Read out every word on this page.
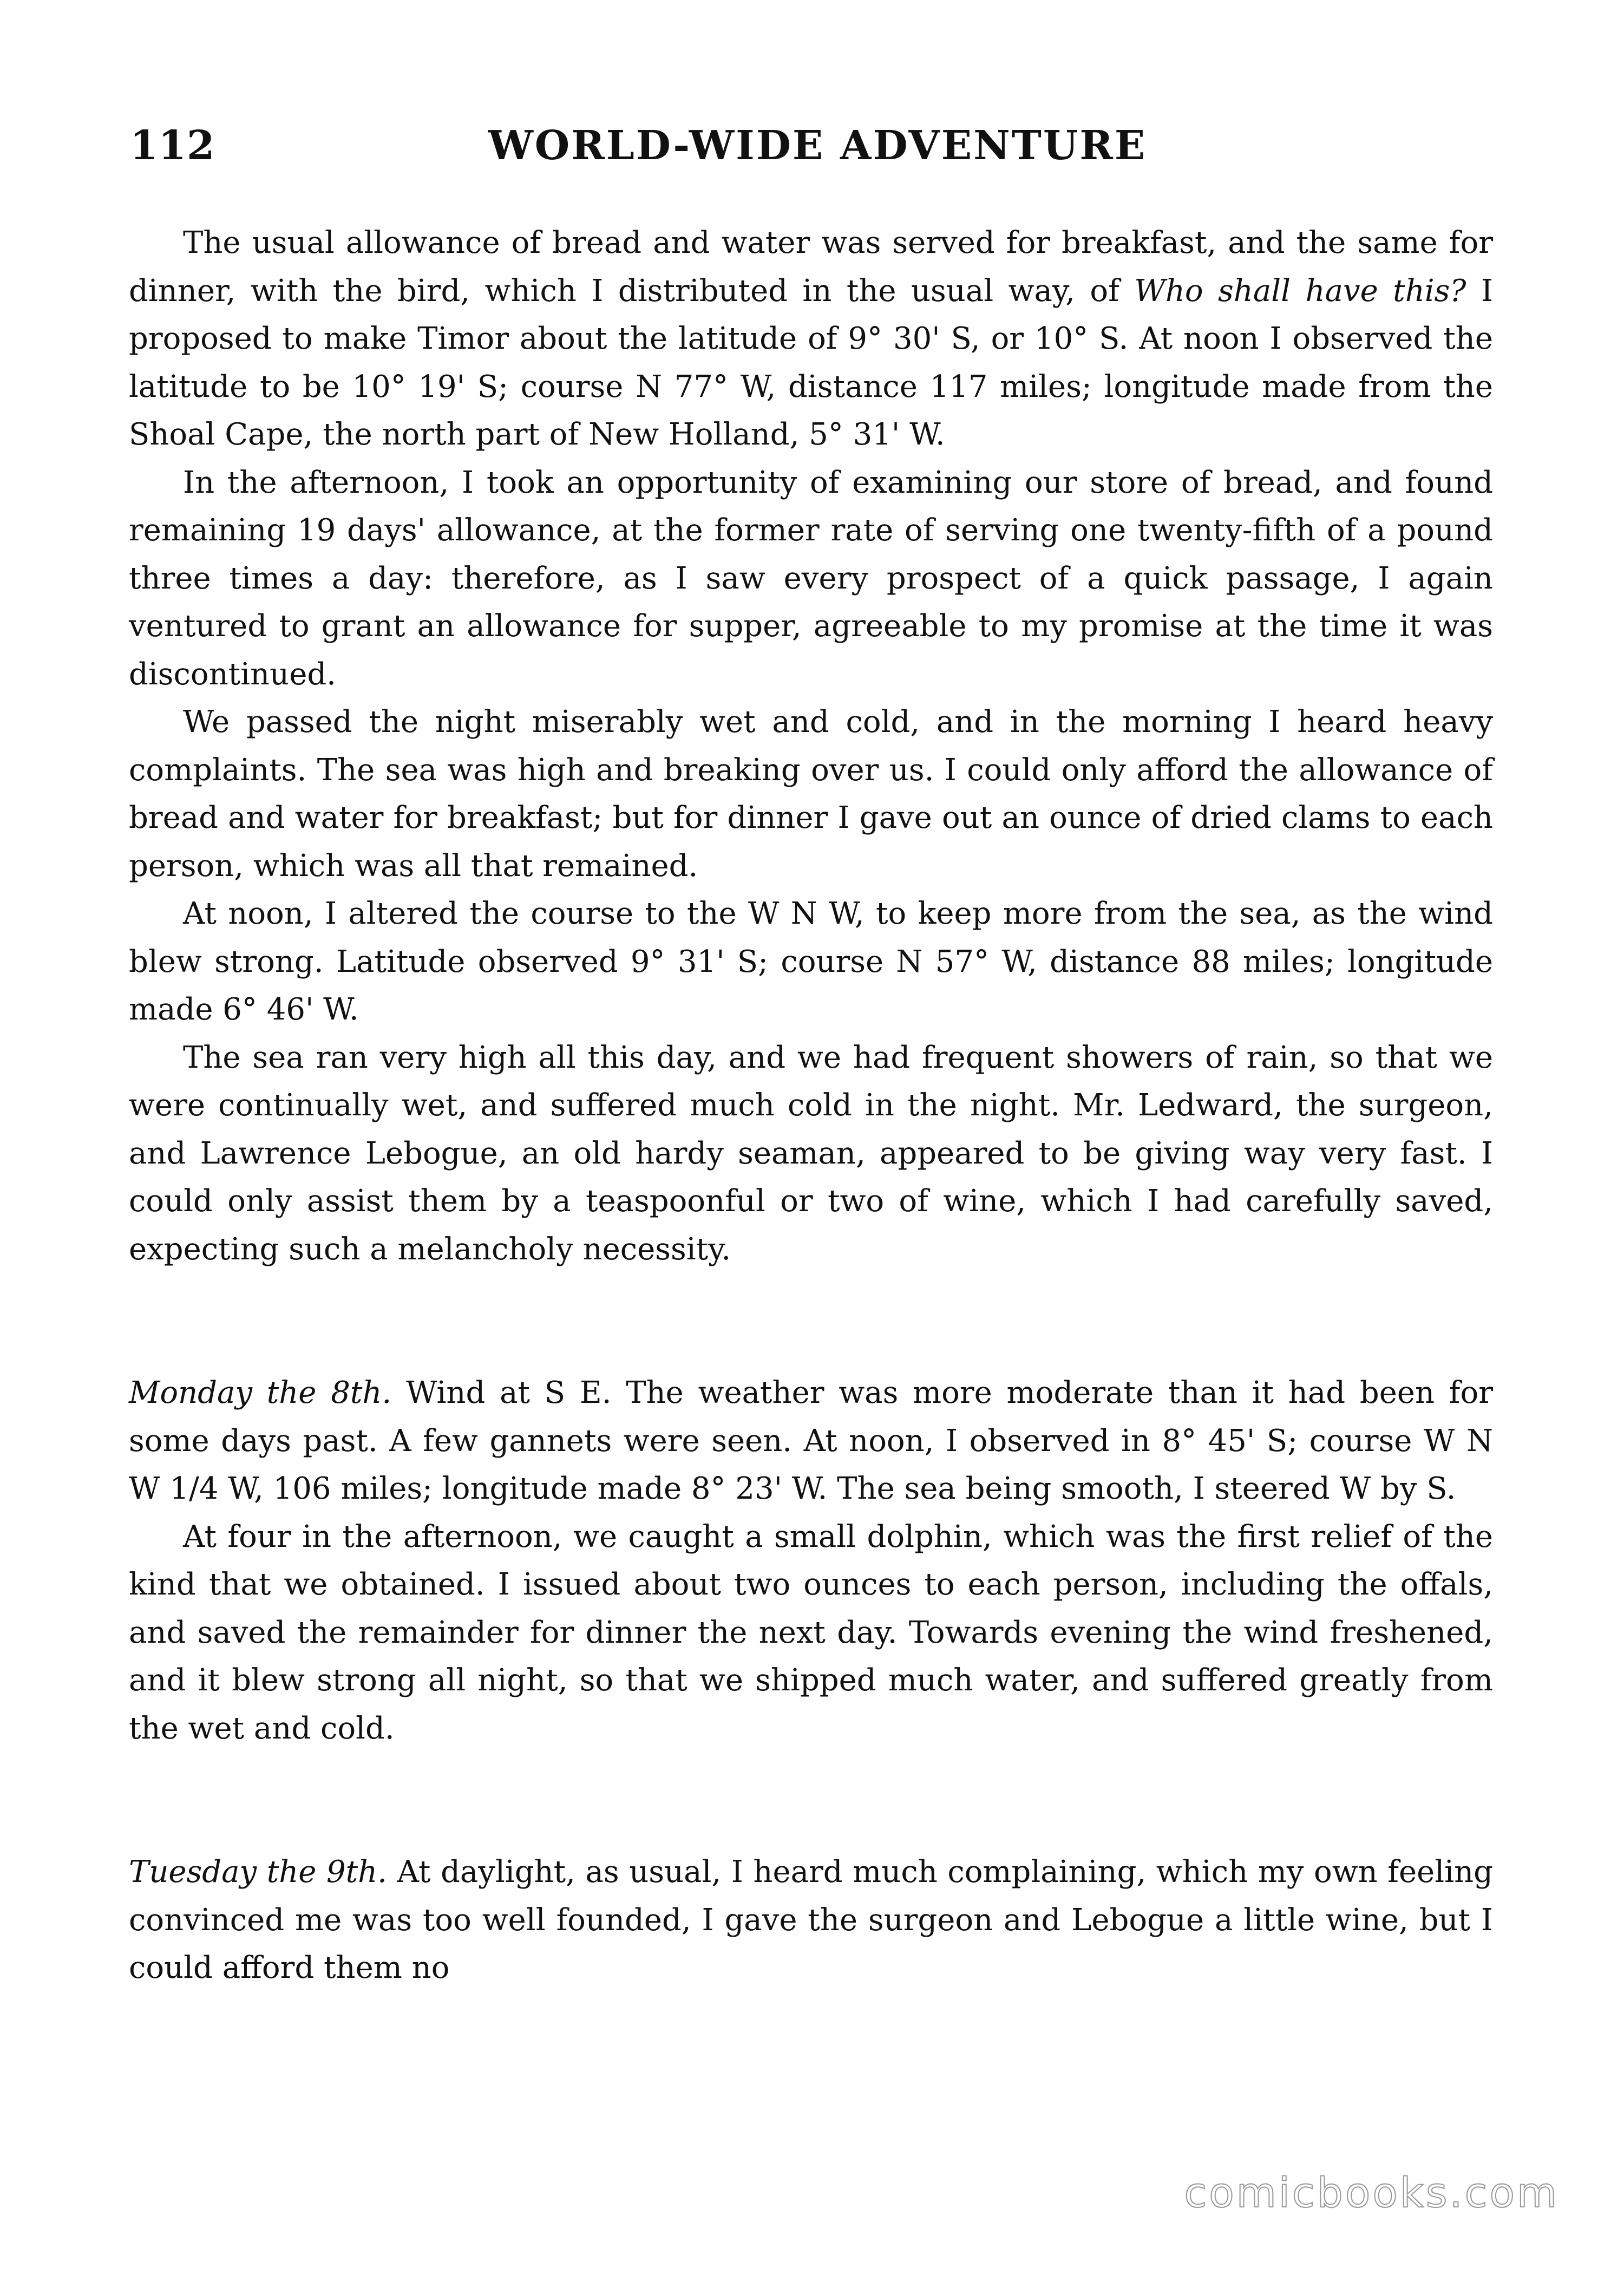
112	WORLD-WIDE ADVENTURE

The usual allowance of bread and water was served for breakfast, and the same for dinner, with the bird, which I distributed in the usual way, of Who shall have this? I proposed to make Timor about the latitude of 9° 30' S, or 10° S. At noon I observed the latitude to be 10° 19' S; course N 77° W, distance 117 miles; longitude made from the Shoal Cape, the north part of New Holland, 5° 31' W.

In the afternoon, I took an opportunity of examining our store of bread, and found remaining 19 days' allowance, at the former rate of serving one twenty-fifth of a pound three times a day: therefore, as I saw every prospect of a quick passage, I again ventured to grant an allowance for supper, agreeable to my promise at the time it was discontinued.

We passed the night miserably wet and cold, and in the morning I heard heavy complaints. The sea was high and breaking over us. I could only afford the allowance of bread and water for breakfast; but for dinner I gave out an ounce of dried clams to each person, which was all that remained.

At noon, I altered the course to the W N W, to keep more from the sea, as the wind blew strong. Latitude observed 9° 31' S; course N 57° W, distance 88 miles; longitude made 6° 46' W.

The sea ran very high all this day, and we had frequent showers of rain, so that we were continually wet, and suffered much cold in the night. Mr. Ledward, the surgeon, and Lawrence Lebogue, an old hardy seaman, appeared to be giving way very fast. I could only assist them by a teaspoonful or two of wine, which I had carefully saved, expecting such a melancholy necessity.

Monday the 8th. Wind at S E. The weather was more moderate than it had been for some days past. A few gannets were seen. At noon, I observed in 8° 45' S; course W N W 1/4 W, 106 miles; longitude made 8° 23' W. The sea being smooth, I steered W by S.

At four in the afternoon, we caught a small dolphin, which was the first relief of the kind that we obtained. I issued about two ounces to each person, including the offals, and saved the remainder for dinner the next day. Towards evening the wind freshened, and it blew strong all night, so that we shipped much water, and suffered greatly from the wet and cold.

Tuesday the 9th. At daylight, as usual, I heard much complaining, which my own feeling convinced me was too well founded, I gave the surgeon and Lebogue a little wine, but I could afford them no

comicbooks.com
